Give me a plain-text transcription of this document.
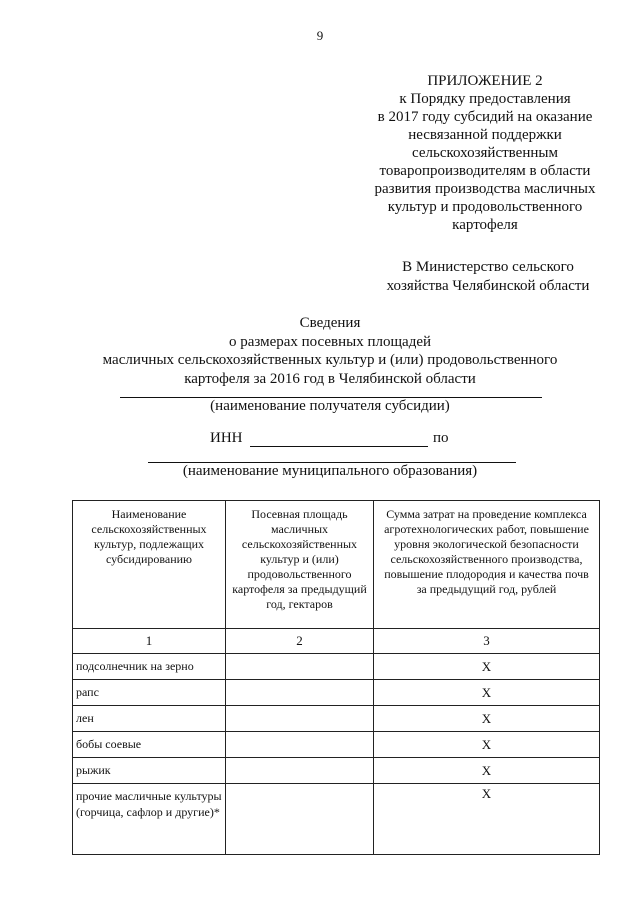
9
ПРИЛОЖЕНИЕ 2
к Порядку предоставления
в 2017 году субсидий на оказание
несвязанной поддержки
сельскохозяйственным
товаропроизводителям в области
развития производства масличных
культур и продовольственного
картофеля
В Министерство сельского
хозяйства Челябинской области
Сведения
о размерах посевных площадей
масличных сельскохозяйственных культур и (или) продовольственного
картофеля за 2016 год в Челябинской области
(наименование получателя субсидии)
ИНН	по
(наименование муниципального образования)
Наименование сельскохозяйственных культур, подлежащих субсидированию	Посевная площадь масличных сельскохозяйственных культур и (или) продовольственного картофеля за предыдущий год, гектаров	Сумма затрат на проведение комплекса агротехнологических работ, повышение уровня экологической безопасности сельскохозяйственного производства, повышение плодородия и качества почв за предыдущий год, рублей
1	2	3
подсолнечник на зерно		X
рапс		X
лен		X
бобы соевые		X
рыжик		X
прочие масличные культуры (горчица, сафлор и другие)*		X
